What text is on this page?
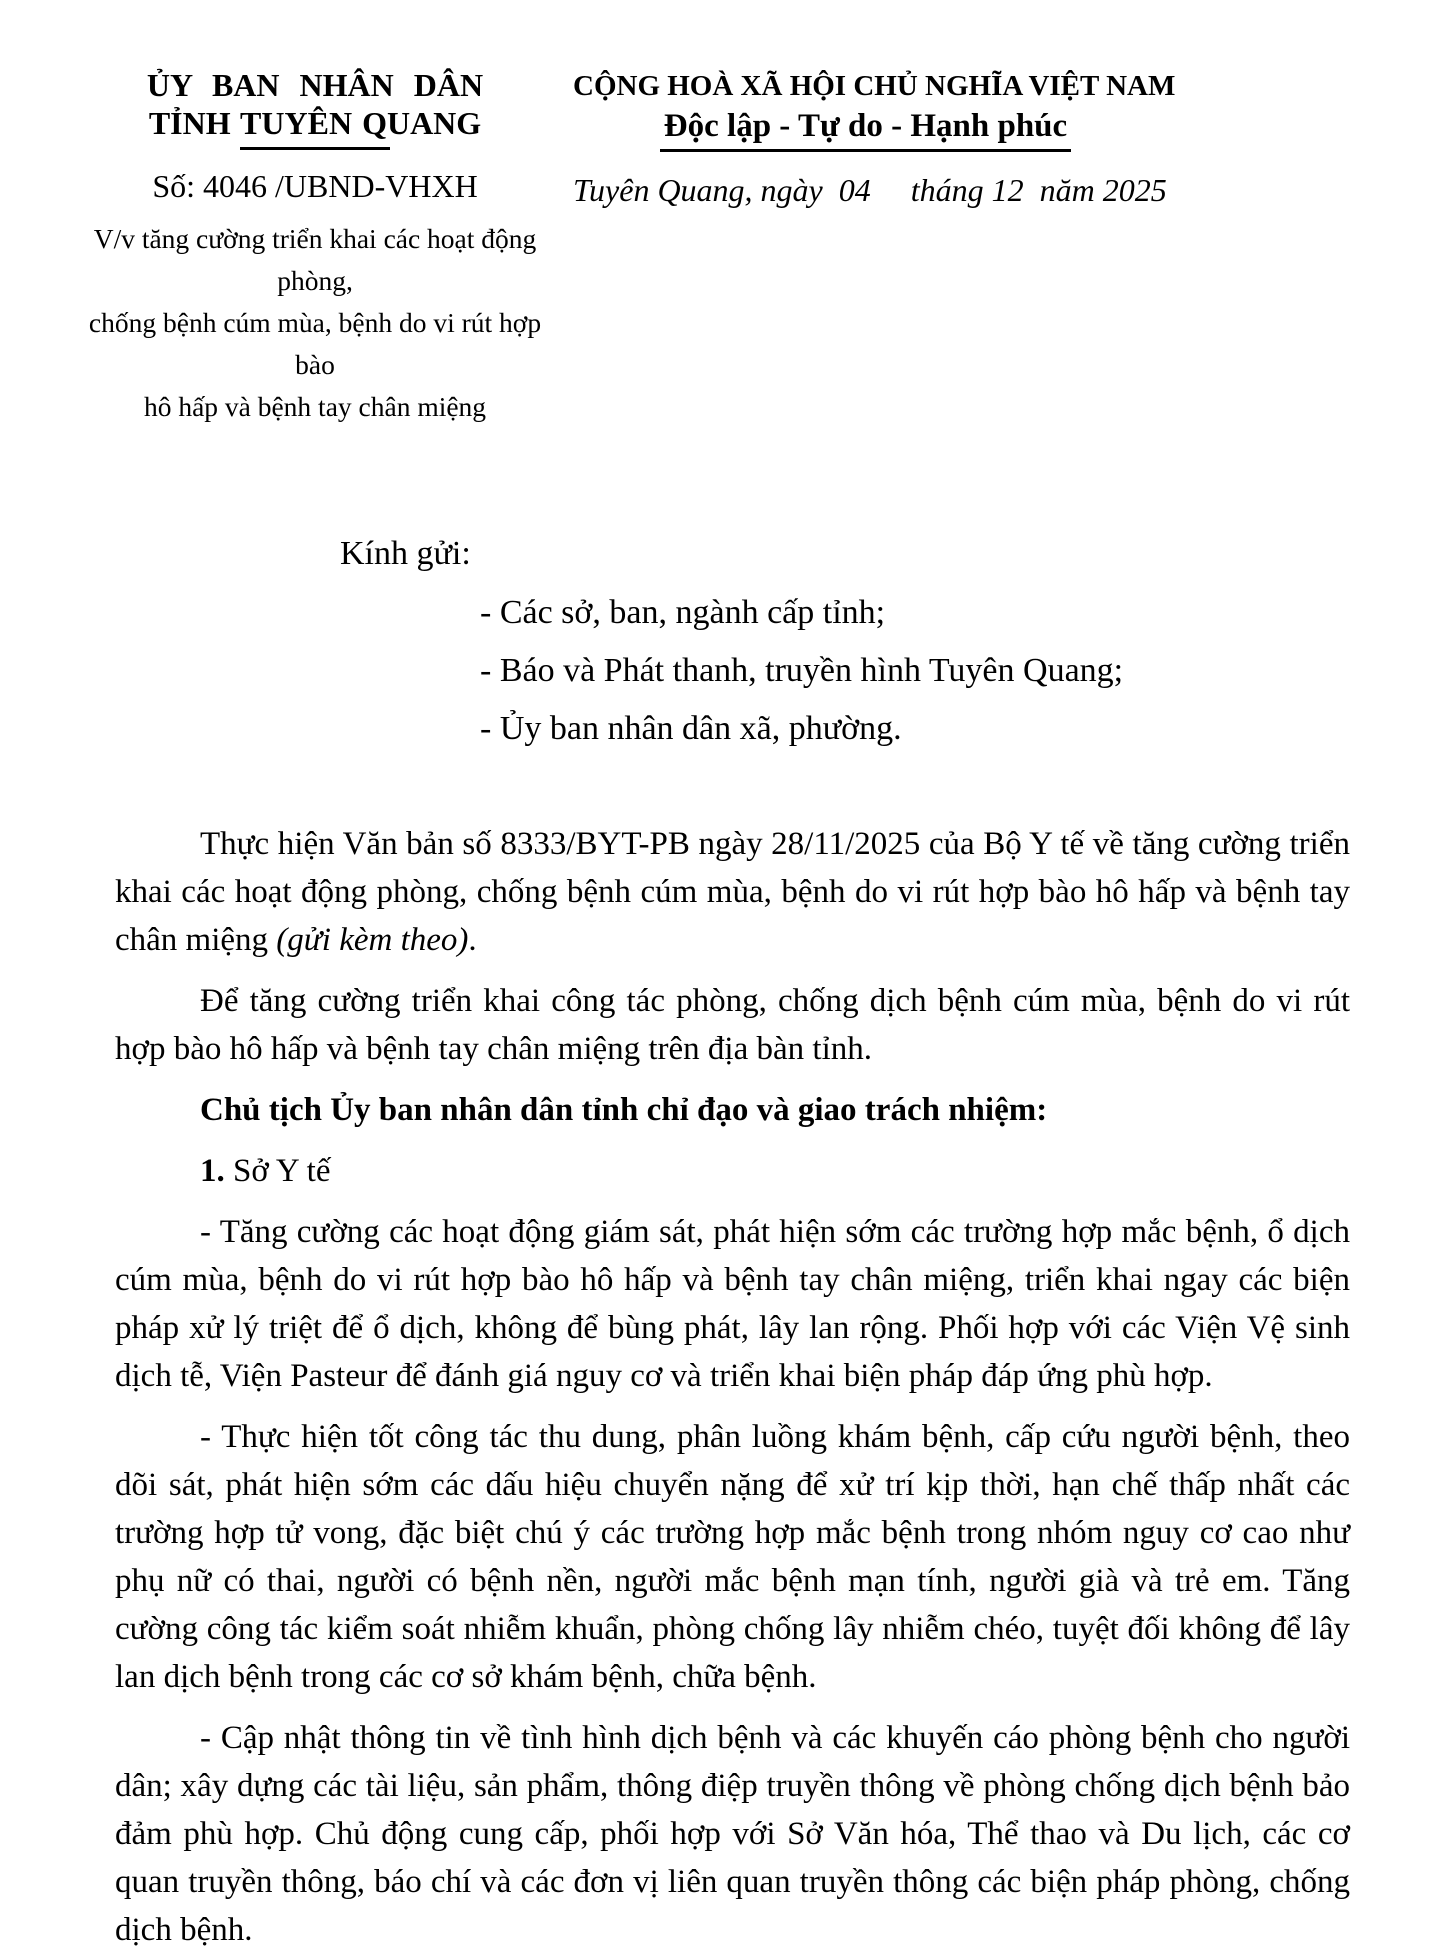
ỦY BAN NHÂN DÂN
TỈNH TUYÊN QUANG
Số: 4046 /UBND-VHXH
V/v tăng cường triển khai các hoạt động phòng,
chống bệnh cúm mùa, bệnh do vi rút hợp bào
hô hấp và bệnh tay chân miệng
CỘNG HOÀ XÃ HỘI CHỦ NGHĨA VIỆT NAM
Độc lập - Tự do - Hạnh phúc
Tuyên Quang, ngày  04     tháng 12  năm 2025
Kính gửi:
- Các sở, ban, ngành cấp tỉnh;
- Báo và Phát thanh, truyền hình Tuyên Quang;
- Ủy ban nhân dân xã, phường.

Thực hiện Văn bản số 8333/BYT-PB ngày 28/11/2025 của Bộ Y tế về tăng cường triển khai các hoạt động phòng, chống bệnh cúm mùa, bệnh do vi rút hợp bào hô hấp và bệnh tay chân miệng (gửi kèm theo).

Để tăng cường triển khai công tác phòng, chống dịch bệnh cúm mùa, bệnh do vi rút hợp bào hô hấp và bệnh tay chân miệng trên địa bàn tỉnh.

Chủ tịch Ủy ban nhân dân tỉnh chỉ đạo và giao trách nhiệm:

1. Sở Y tế

- Tăng cường các hoạt động giám sát, phát hiện sớm các trường hợp mắc bệnh, ổ dịch cúm mùa, bệnh do vi rút hợp bào hô hấp và bệnh tay chân miệng, triển khai ngay các biện pháp xử lý triệt để ổ dịch, không để bùng phát, lây lan rộng. Phối hợp với các Viện Vệ sinh dịch tễ, Viện Pasteur để đánh giá nguy cơ và triển khai biện pháp đáp ứng phù hợp.

- Thực hiện tốt công tác thu dung, phân luồng khám bệnh, cấp cứu người bệnh, theo dõi sát, phát hiện sớm các dấu hiệu chuyển nặng để xử trí kịp thời, hạn chế thấp nhất các trường hợp tử vong, đặc biệt chú ý các trường hợp mắc bệnh trong nhóm nguy cơ cao như phụ nữ có thai, người có bệnh nền, người mắc bệnh mạn tính, người già và trẻ em. Tăng cường công tác kiểm soát nhiễm khuẩn, phòng chống lây nhiễm chéo, tuyệt đối không để lây lan dịch bệnh trong các cơ sở khám bệnh, chữa bệnh.

- Cập nhật thông tin về tình hình dịch bệnh và các khuyến cáo phòng bệnh cho người dân; xây dựng các tài liệu, sản phẩm, thông điệp truyền thông về phòng chống dịch bệnh bảo đảm phù hợp. Chủ động cung cấp, phối hợp với Sở Văn hóa, Thể thao và Du lịch, các cơ quan truyền thông, báo chí và các đơn vị liên quan truyền thông các biện pháp phòng, chống dịch bệnh.
